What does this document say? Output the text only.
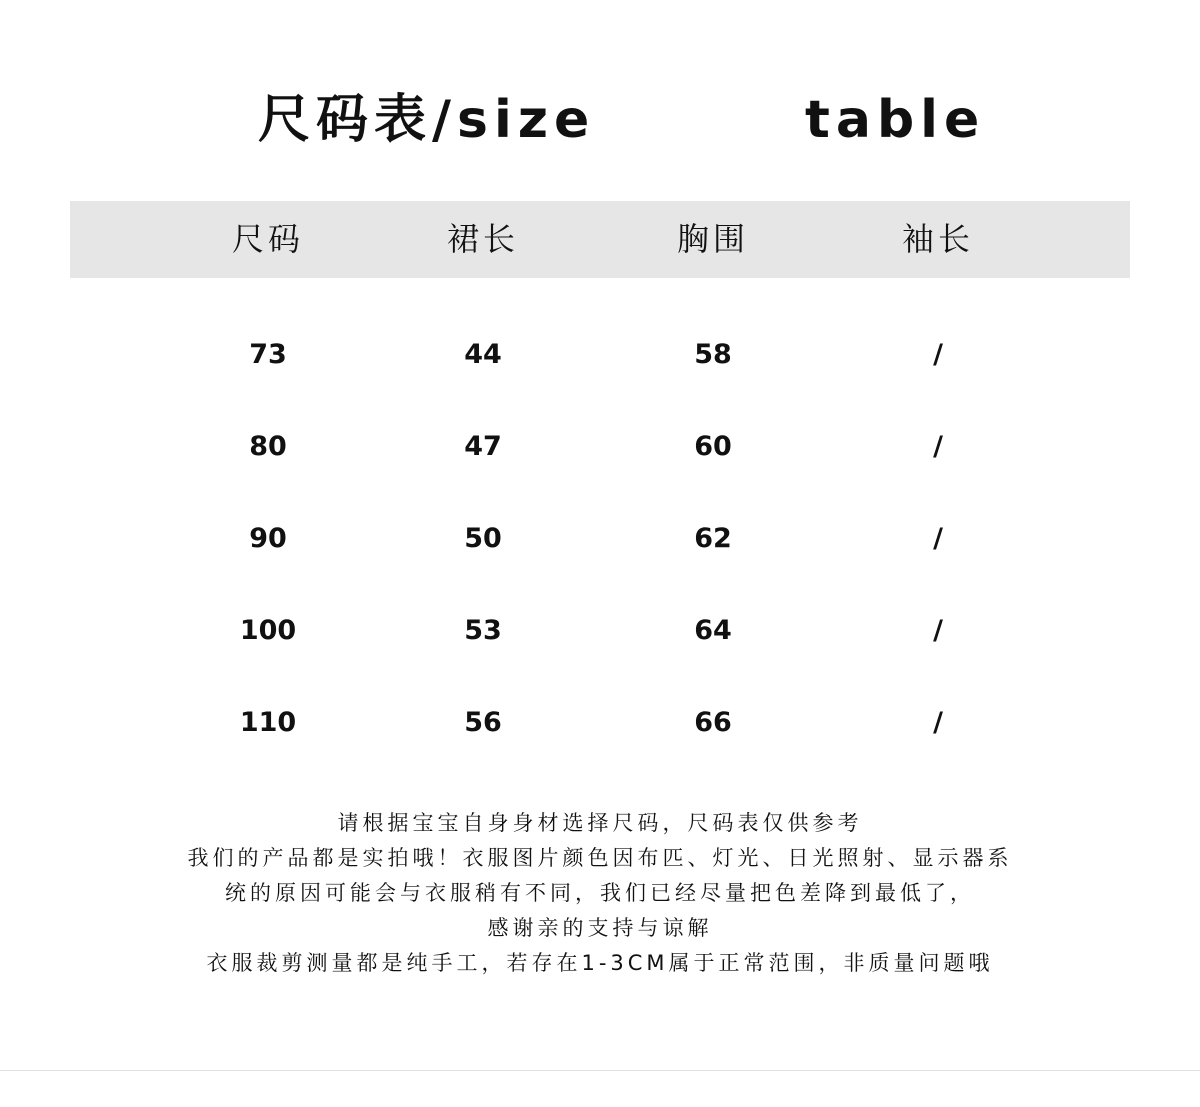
尺码表/size	table
尺码	裙长	胸围	袖长
73	44	58	/
80	47	60	/
90	50	62	/
100	53	64	/
110	56	66	/
请根据宝宝自身身材选择尺码，尺码表仅供参考
我们的产品都是实拍哦！衣服图片颜色因布匹、灯光、日光照射、显示器系
统的原因可能会与衣服稍有不同，我们已经尽量把色差降到最低了，
感谢亲的支持与谅解
衣服裁剪测量都是纯手工，若存在1-3CM属于正常范围，非质量问题哦
